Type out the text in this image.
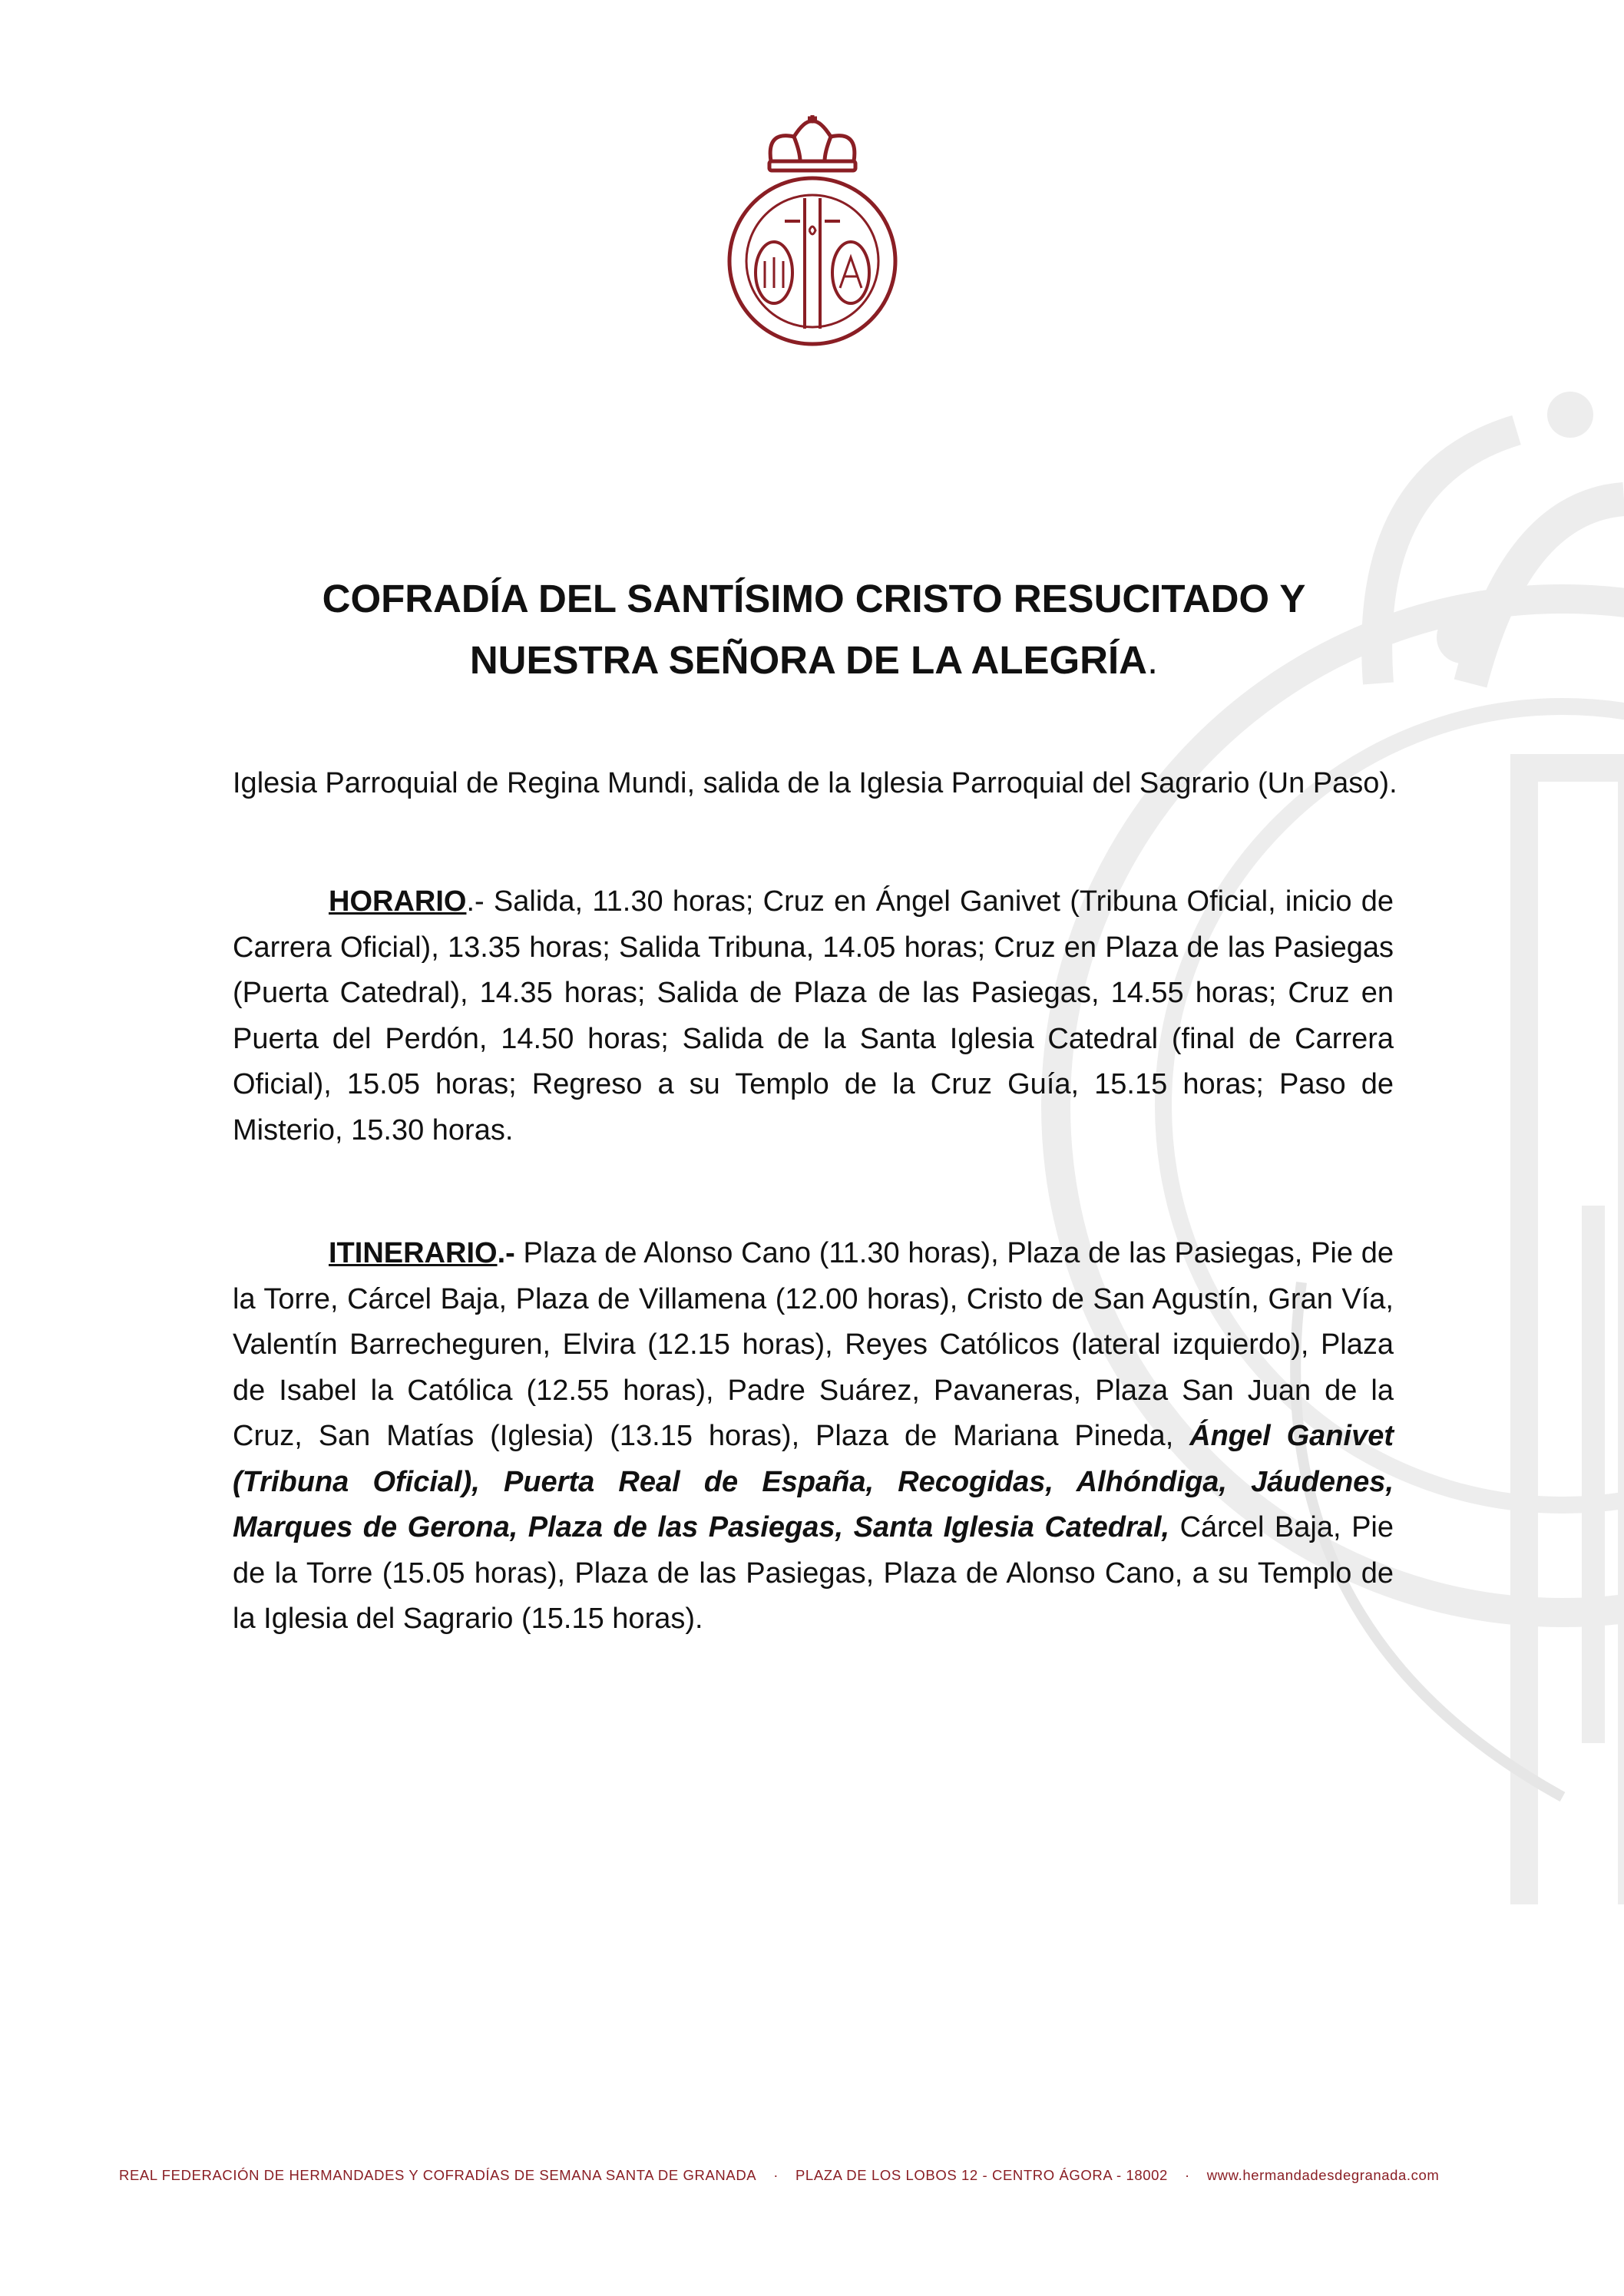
COFRADÍA DEL SANTÍSIMO CRISTO RESUCITADO Y
NUESTRA SEÑORA DE LA ALEGRÍA.
Iglesia Parroquial de Regina Mundi, salida de la Iglesia Parroquial del Sagrario (Un Paso).
HORARIO.- Salida, 11.30 horas; Cruz en Ángel Ganivet (Tribuna Oficial, inicio de Carrera Oficial), 13.35 horas; Salida Tribuna, 14.05 horas; Cruz en Plaza de las Pasiegas (Puerta Catedral), 14.35 horas; Salida de Plaza de las Pasiegas, 14.55 horas; Cruz en Puerta del Perdón, 14.50 horas; Salida de la Santa Iglesia Catedral (final de Carrera Oficial), 15.05 horas; Regreso a su Templo de la Cruz Guía, 15.15 horas; Paso de Misterio, 15.30 horas.
ITINERARIO.- Plaza de Alonso Cano (11.30 horas), Plaza de las Pasiegas, Pie de la Torre, Cárcel Baja, Plaza de Villamena (12.00 horas), Cristo de San Agustín, Gran Vía, Valentín Barrecheguren, Elvira (12.15 horas), Reyes Católicos (lateral izquierdo), Plaza de Isabel la Católica (12.55 horas), Padre Suárez, Pavaneras, Plaza San Juan de la Cruz, San Matías (Iglesia) (13.15 horas), Plaza de Mariana Pineda, Ángel Ganivet (Tribuna Oficial), Puerta Real de España, Recogidas, Alhóndiga, Jáudenes, Marques de Gerona, Plaza de las Pasiegas, Santa Iglesia Catedral, Cárcel Baja, Pie de la Torre (15.05 horas), Plaza de las Pasiegas, Plaza de Alonso Cano, a su Templo de la Iglesia del Sagrario (15.15 horas).
REAL FEDERACIÓN DE HERMANDADES Y COFRADÍAS DE SEMANA SANTA DE GRANADA · PLAZA DE LOS LOBOS 12 - CENTRO ÁGORA - 18002 · www.hermandadesdegranada.com
